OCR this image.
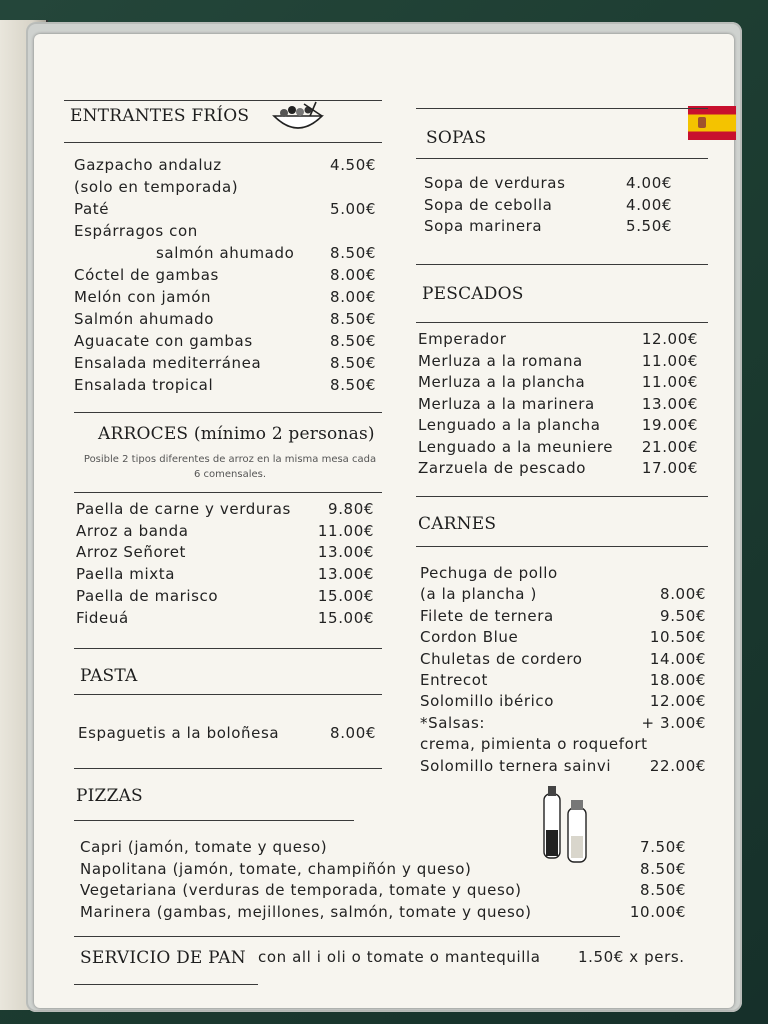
ENTRANTES FRÍOS
Gazpacho andaluz	4.50€
(solo en temporada)
Paté	5.00€
Espárragos con
salmón ahumado 8.50€
Cóctel de gambas	8.00€
Melón con jamón	8.00€
Salmón ahumado	8.50€
Aguacate con gambas	8.50€
Ensalada mediterránea	8.50€
Ensalada tropical	8.50€
ARROCES (mínimo 2 personas)
Posible 2 tipos diferentes de arroz en la misma mesa cada 6 comensales.
Paella de carne y verduras 9.80€
Arroz a banda	11.00€
Arroz Señoret	13.00€
Paella mixta	13.00€
Paella de marisco	15.00€
Fideuá	15.00€
PASTA
Espaguetis a la boloñesa	8.00€
PIZZAS
Capri (jamón, tomate y queso)	7.50€
Napolitana (jamón, tomate, champiñón y queso)	8.50€
Vegetariana (verduras de temporada, tomate y queso)	8.50€
Marinera (gambas, mejillones, salmón, tomate y queso)	10.00€
SERVICIO DE PAN con all i oli o tomate o mantequilla 1.50€ x pers.
SOPAS
Sopa de verduras	4.00€
Sopa de cebolla	4.00€
Sopa marinera	5.50€
PESCADOS
Emperador	12.00€
Merluza a la romana	11.00€
Merluza a la plancha	11.00€
Merluza a la marinera	13.00€
Lenguado a la plancha	19.00€
Lenguado a la meuniere 21.00€
Zarzuela de pescado	17.00€
CARNES
Pechuga de pollo
(a la plancha )	8.00€
Filete de ternera	9.50€
Cordon Blue	10.50€
Chuletas de cordero	14.00€
Entrecot	18.00€
Solomillo ibérico	12.00€
*Salsas:	+ 3.00€
crema, pimienta o roquefort
Solomillo ternera sainvi	22.00€
